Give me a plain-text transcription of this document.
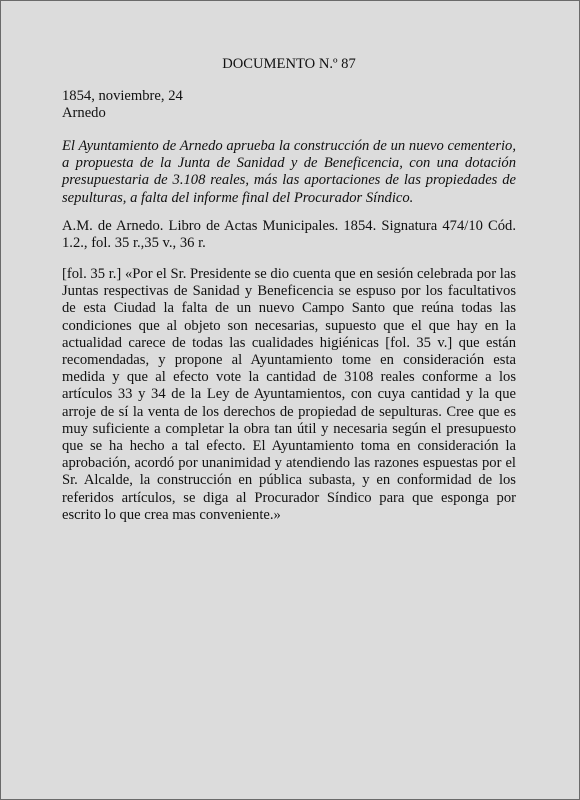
DOCUMENTO N.º 87

1854, noviembre, 24

Arnedo

El Ayuntamiento de Arnedo aprueba la construcción de un nuevo cementerio, a propuesta de la Junta de Sanidad y de Beneficencia, con una dotación presupuestaria de 3.108 reales, más las aportaciones de las propiedades de sepulturas, a falta del informe final del Procurador Síndico.

A.M. de Arnedo. Libro de Actas Municipales. 1854. Signatura 474/10 Cód. 1.2., fol. 35 r.,35 v., 36 r.

[fol. 35 r.] «Por el Sr. Presidente se dio cuenta que en sesión celebrada por las Juntas respectivas de Sanidad y Beneficencia se espuso por los facultativos de esta Ciudad la falta de un nuevo Campo Santo que reúna todas las condiciones que al objeto son necesarias, supuesto que el que hay en la actualidad carece de todas las cualidades higiénicas [fol. 35 v.] que están recomendadas, y propone al Ayuntamiento tome en consideración esta medida y que al efecto vote la cantidad de 3108 reales conforme a los artículos 33 y 34 de la Ley de Ayuntamientos, con cuya cantidad y la que arroje de sí la venta de los derechos de propiedad de sepulturas. Cree que es muy suficiente a completar la obra tan útil y necesaria según el presupuesto que se ha hecho a tal efecto. El Ayuntamiento toma en consideración la aprobación, acordó por unanimidad y atendiendo las razones espuestas por el Sr. Alcalde, la construcción en pública subasta, y en conformidad de los referidos artículos, se diga al Procurador Síndico para que esponga por escrito lo que crea mas conveniente.»
